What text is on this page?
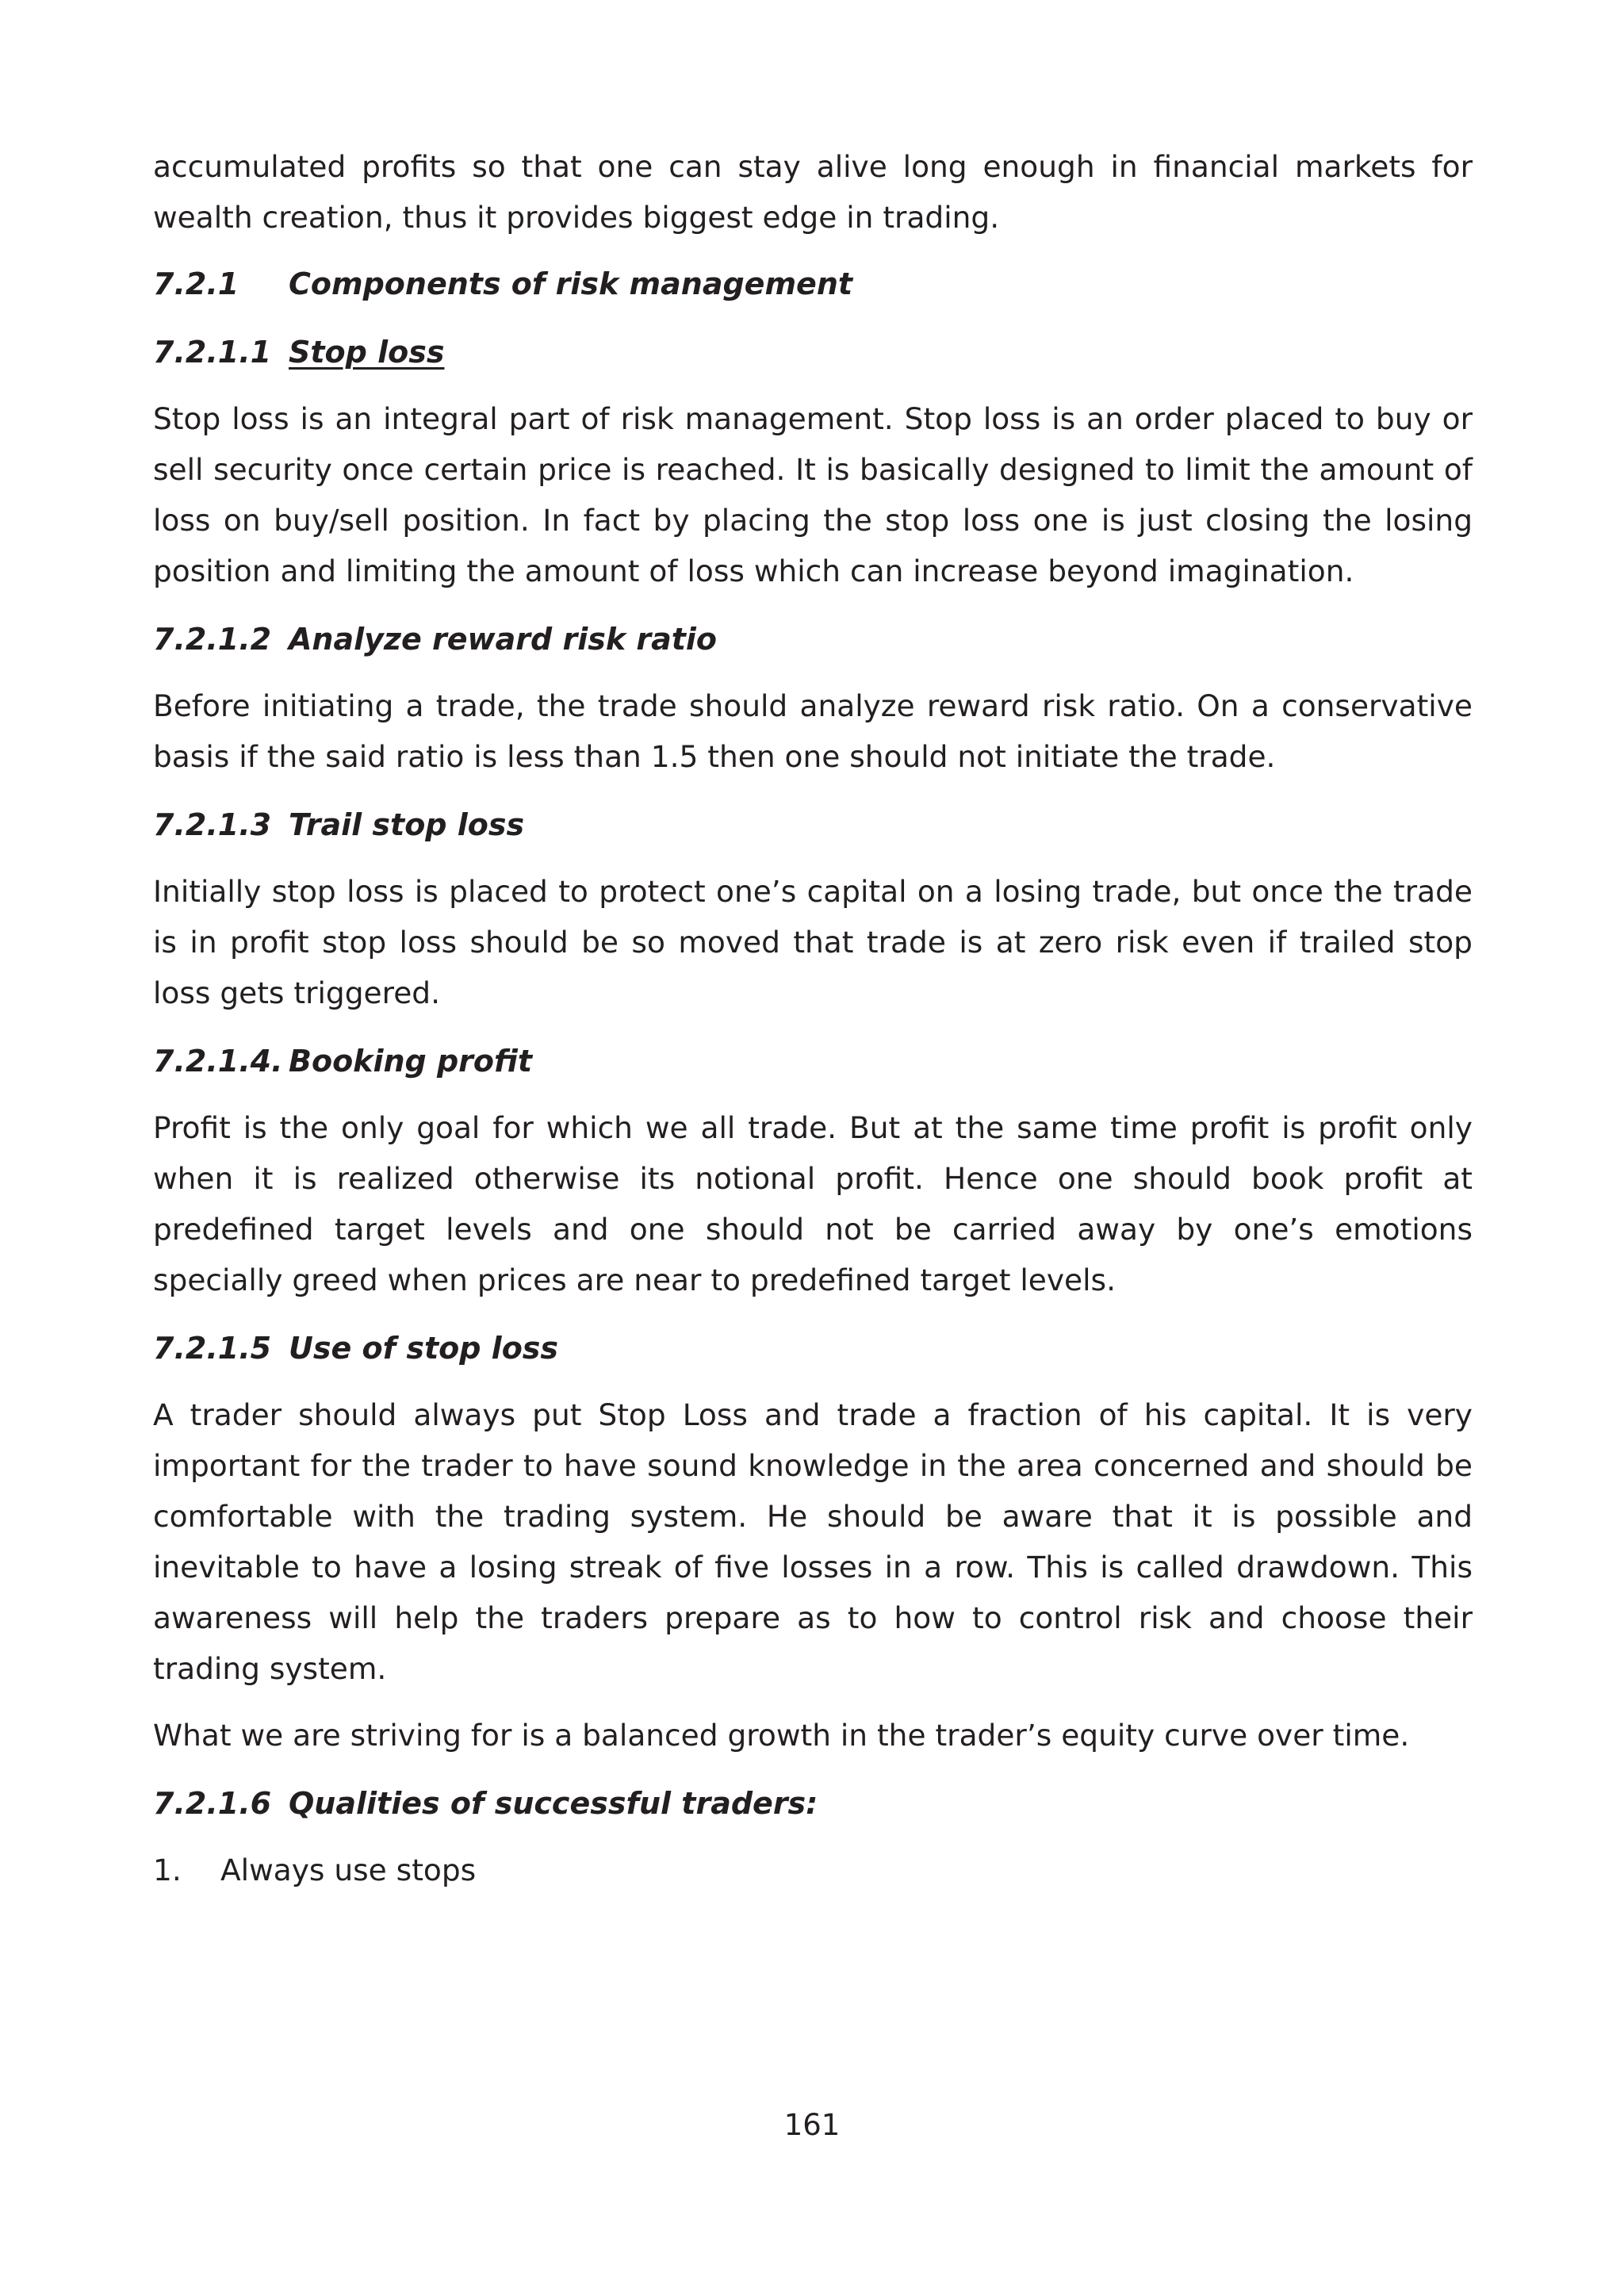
accumulated profits so that one can stay alive long enough in financial markets for wealth creation, thus it provides biggest edge in trading.

7.2.1	Components of risk management
7.2.1.1 Stop loss

Stop loss is an integral part of risk management. Stop loss is an order placed to buy or sell security once certain price is reached. It is basically designed to limit the amount of loss on buy/sell position. In fact by placing the stop loss one is just closing the losing position and limiting the amount of loss which can increase beyond imagination.

7.2.1.2 Analyze reward risk ratio

Before initiating a trade, the trade should analyze reward risk ratio. On a conservative basis if the said ratio is less than 1.5 then one should not initiate the trade.

7.2.1.3 Trail stop loss

Initially stop loss is placed to protect one’s capital on a losing trade, but once the trade is in profit stop loss should be so moved that trade is at zero risk even if trailed stop loss gets triggered.

7.2.1.4. Booking profit

Profit is the only goal for which we all trade. But at the same time profit is profit only when it is realized otherwise its notional profit. Hence one should book profit at predefined target levels and one should not be carried away by one’s emotions specially greed when prices are near to predefined target levels.

7.2.1.5 Use of stop loss

A trader should always put Stop Loss and trade a fraction of his capital. It is very important for the trader to have sound knowledge in the area concerned and should be comfortable with the trading system. He should be aware that it is possible and inevitable to have a losing streak of five losses in a row. This is called drawdown. This awareness will help the traders prepare as to how to control risk and choose their trading system.

What we are striving for is a balanced growth in the trader’s equity curve over time.

7.2.1.6 Qualities of successful traders:
1.	Always use stops
161
